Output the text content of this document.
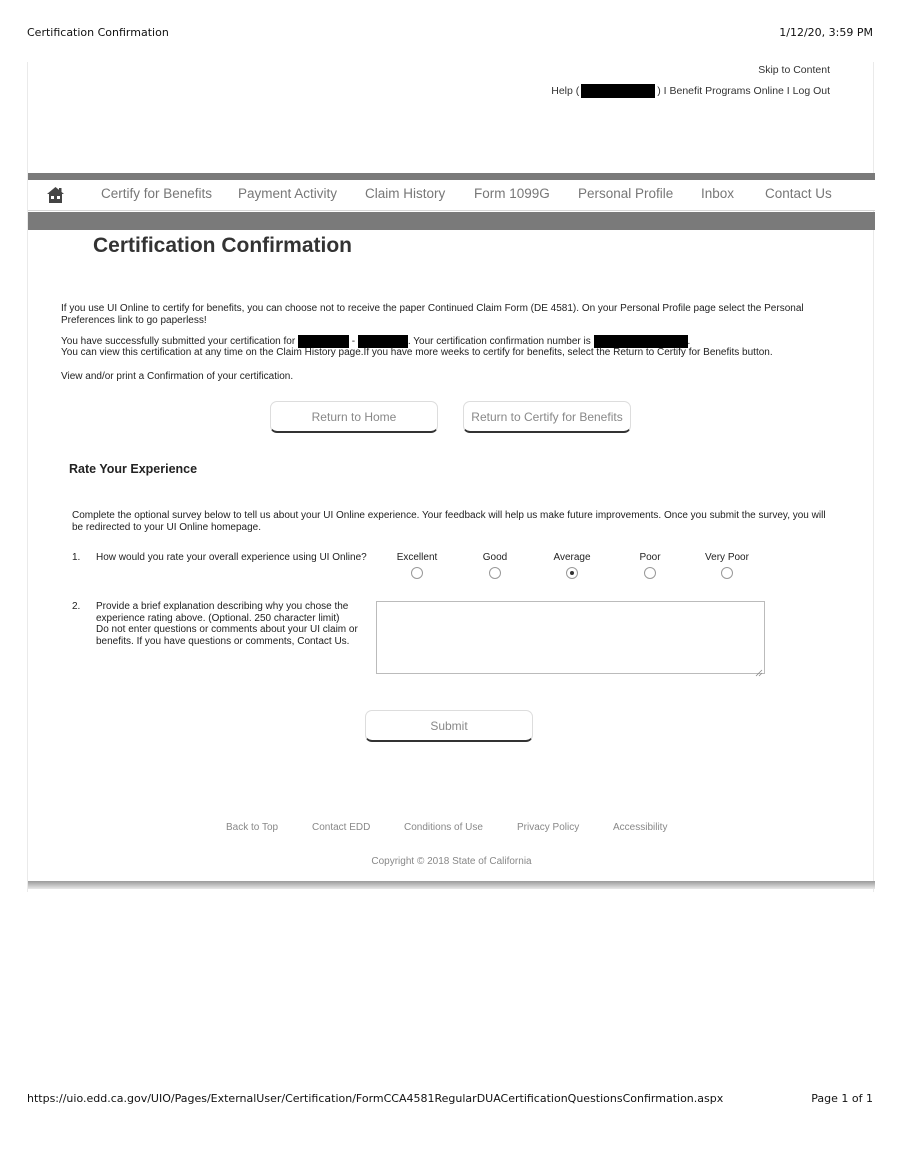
Certification Confirmation	1/12/20, 3:59 PM
Skip to Content
Help (	) I Benefit Programs Online I Log Out
Certify for Benefits Payment Activity Claim History Form 1099G Personal Profile Inbox Contact Us
Certification Confirmation

If you use UI Online to certify for benefits, you can choose not to receive the paper Continued Claim Form (DE 4581). On your Personal Profile page select the Personal Preferences link to go paperless!

You have successfully submitted your certification for	-	. Your certification confirmation number is	.

You can view this certification at any time on the Claim History page.If you have more weeks to certify for benefits, select the Return to Certify for Benefits button.

View and/or print a Confirmation of your certification.

Return to Home	Return to Certify for Benefits
Rate Your Experience

Complete the optional survey below to tell us about your UI Online experience. Your feedback will help us make future improvements. Once you submit the survey, you will be redirected to your UI Online homepage.

1. How would you rate your overall experience using UI Online?	Excellent	Good	Average	Poor	Very Poor
2. Provide a brief explanation describing why you chose the
experience rating above. (Optional. 250 character limit)
Do not enter questions or comments about your UI claim or
benefits. If you have questions or comments, Contact Us.
Submit
Back to Top	Contact EDD	Conditions of Use	Privacy Policy	Accessibility
Copyright © 2018 State of California
https://uio.edd.ca.gov/UIO/Pages/ExternalUser/Certification/FormCCA4581RegularDUACertificationQuestionsConfirmation.aspx	Page 1 of 1
